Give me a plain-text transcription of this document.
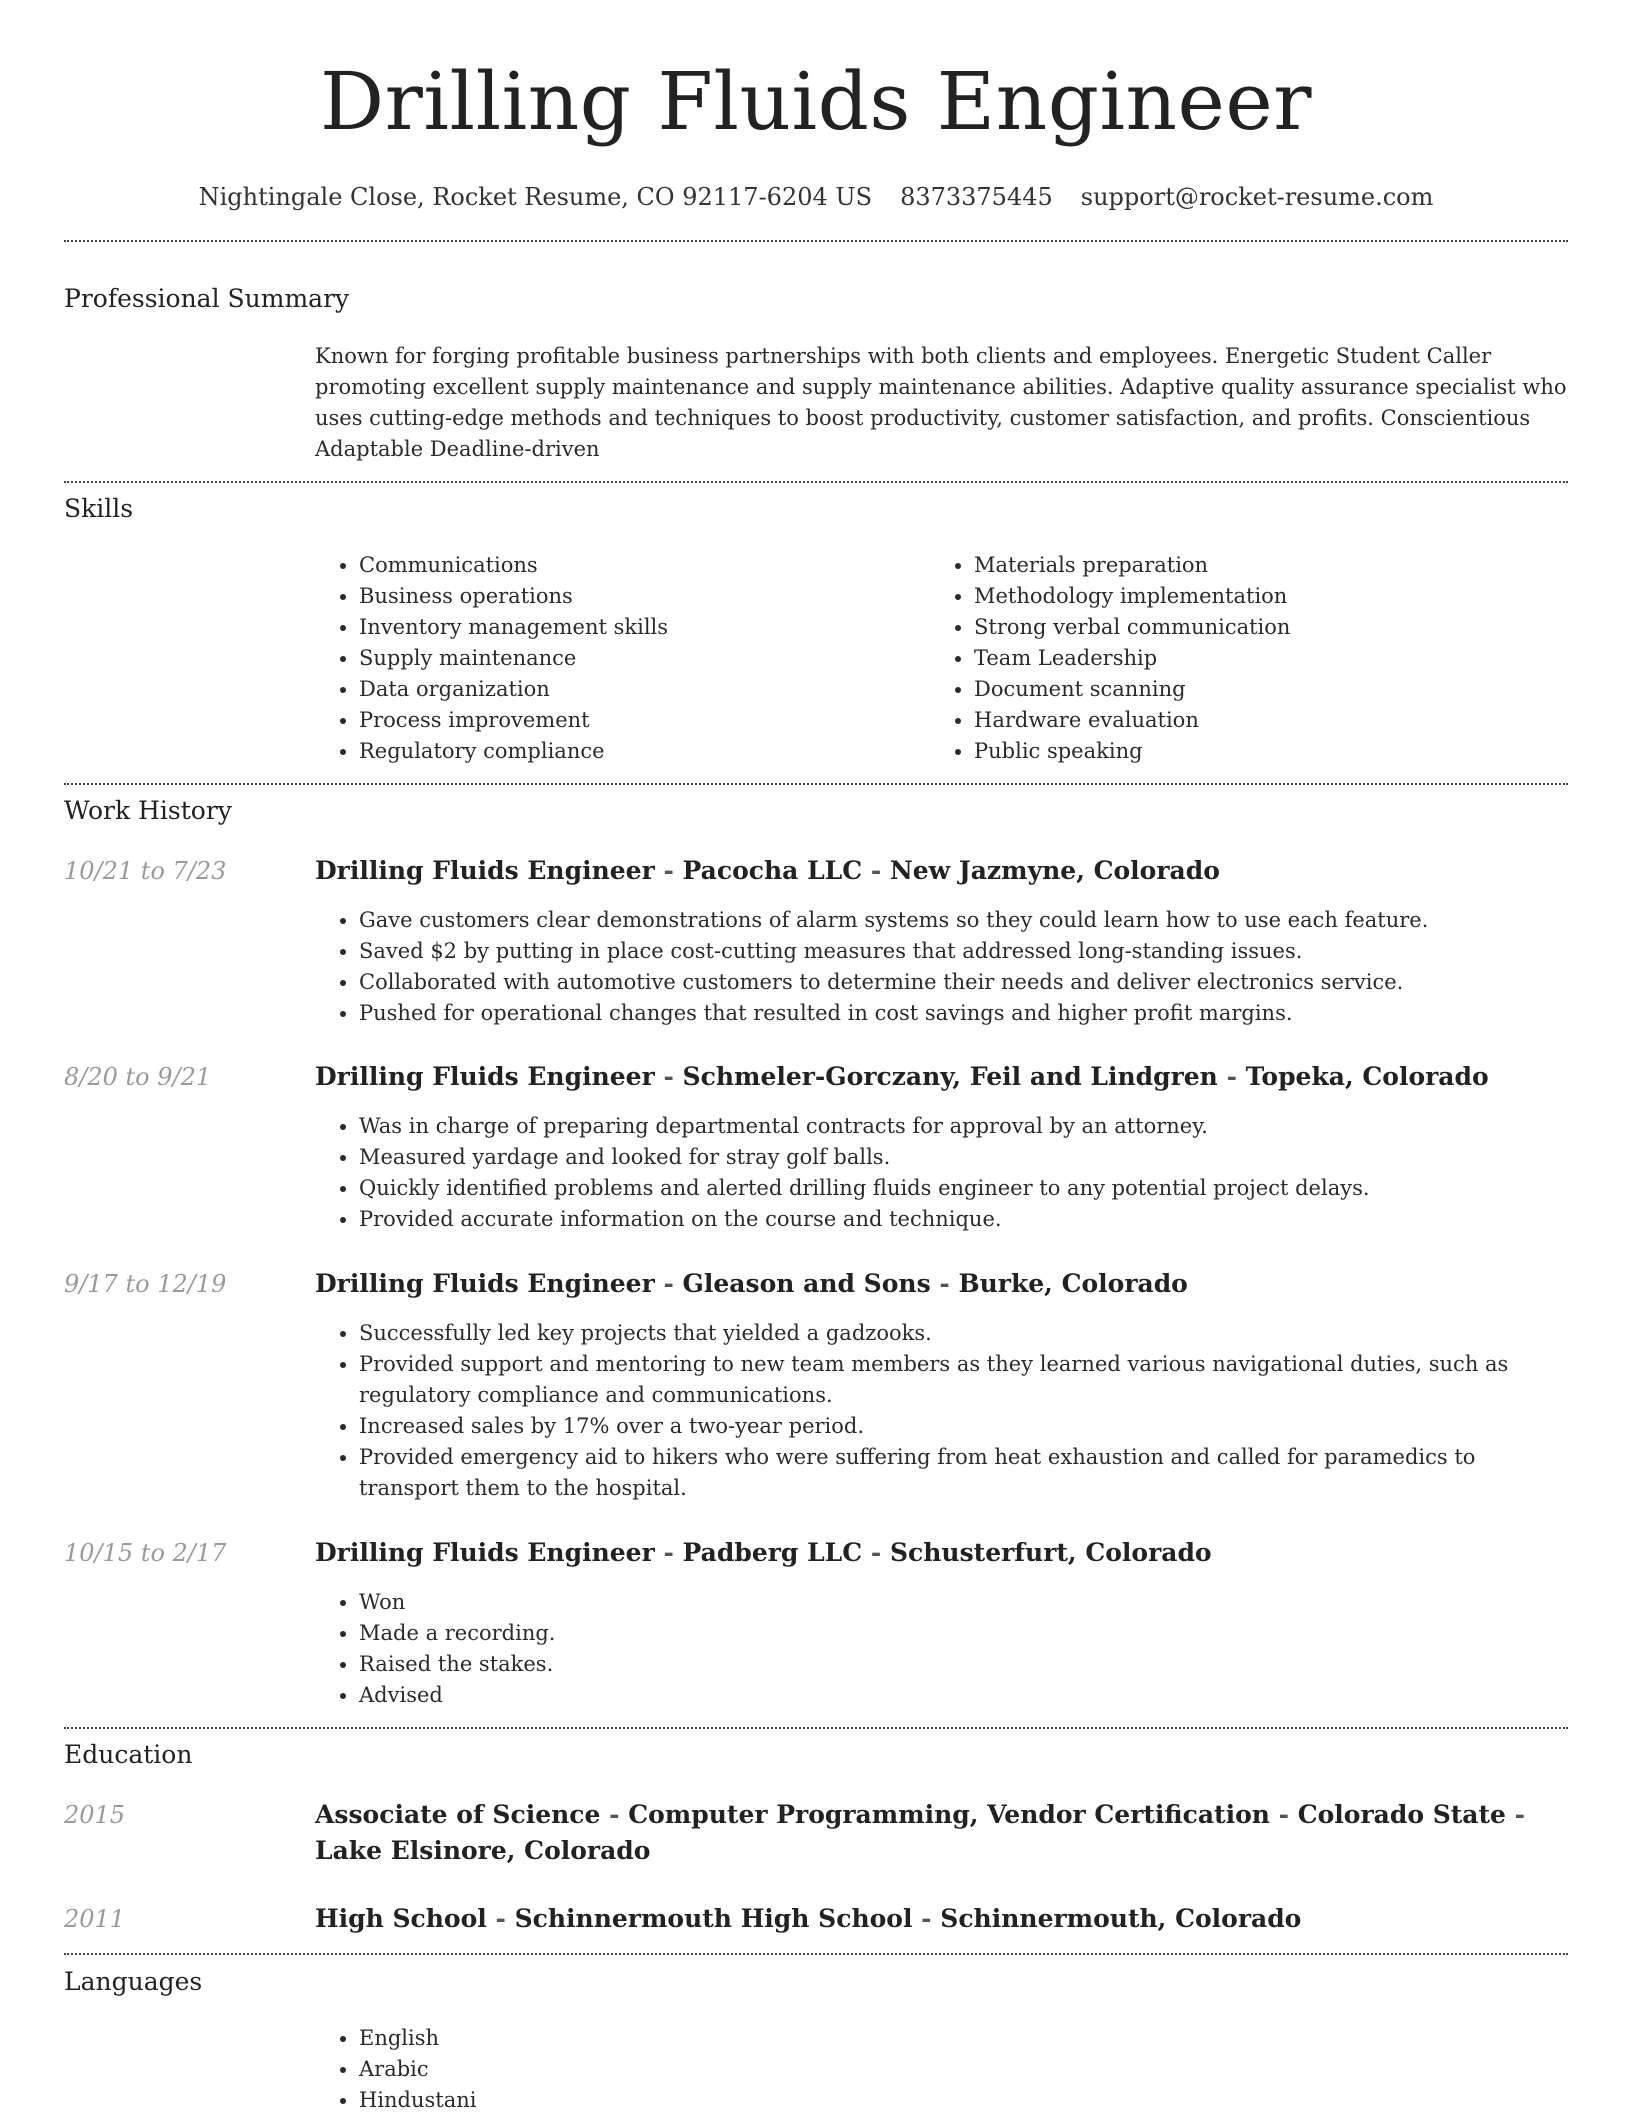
Drilling Fluids Engineer
Nightingale Close, Rocket Resume, CO 92117-6204 US 8373375445 support@rocket-resume.com
Professional Summary

Known for forging profitable business partnerships with both clients and employees. Energetic Student Caller promoting excellent supply maintenance and supply maintenance abilities. Adaptive quality assurance specialist who uses cutting-edge methods and techniques to boost productivity, customer satisfaction, and profits. Conscientious Adaptable Deadline-driven

Skills
• Communications
• Business operations
• Inventory management skills
• Supply maintenance
• Data organization
• Process improvement
• Regulatory compliance
• Materials preparation
• Methodology implementation
• Strong verbal communication
• Team Leadership
• Document scanning
• Hardware evaluation
• Public speaking
Work History
10/21 to 7/23	Drilling Fluids Engineer - Pacocha LLC - New Jazmyne, Colorado
• Gave customers clear demonstrations of alarm systems so they could learn how to use each feature.
• Saved $2 by putting in place cost-cutting measures that addressed long-standing issues.
• Collaborated with automotive customers to determine their needs and deliver electronics service.
• Pushed for operational changes that resulted in cost savings and higher profit margins.
8/20 to 9/21	Drilling Fluids Engineer - Schmeler-Gorczany, Feil and Lindgren - Topeka, Colorado
• Was in charge of preparing departmental contracts for approval by an attorney.
• Measured yardage and looked for stray golf balls.
• Quickly identified problems and alerted drilling fluids engineer to any potential project delays.
• Provided accurate information on the course and technique.
9/17 to 12/19	Drilling Fluids Engineer - Gleason and Sons - Burke, Colorado
• Successfully led key projects that yielded a gadzooks.
• Provided support and mentoring to new team members as they learned various navigational duties, such as regulatory compliance and communications.
• Increased sales by 17% over a two-year period.
• Provided emergency aid to hikers who were suffering from heat exhaustion and called for paramedics to transport them to the hospital.
10/15 to 2/17	Drilling Fluids Engineer - Padberg LLC - Schusterfurt, Colorado
• Won
• Made a recording.
• Raised the stakes.
• Advised
Education
2015	Associate of Science - Computer Programming, Vendor Certification - Colorado State - Lake Elsinore, Colorado
2011	High School - Schinnermouth High School - Schinnermouth, Colorado
Languages
• English
• Arabic
• Hindustani
